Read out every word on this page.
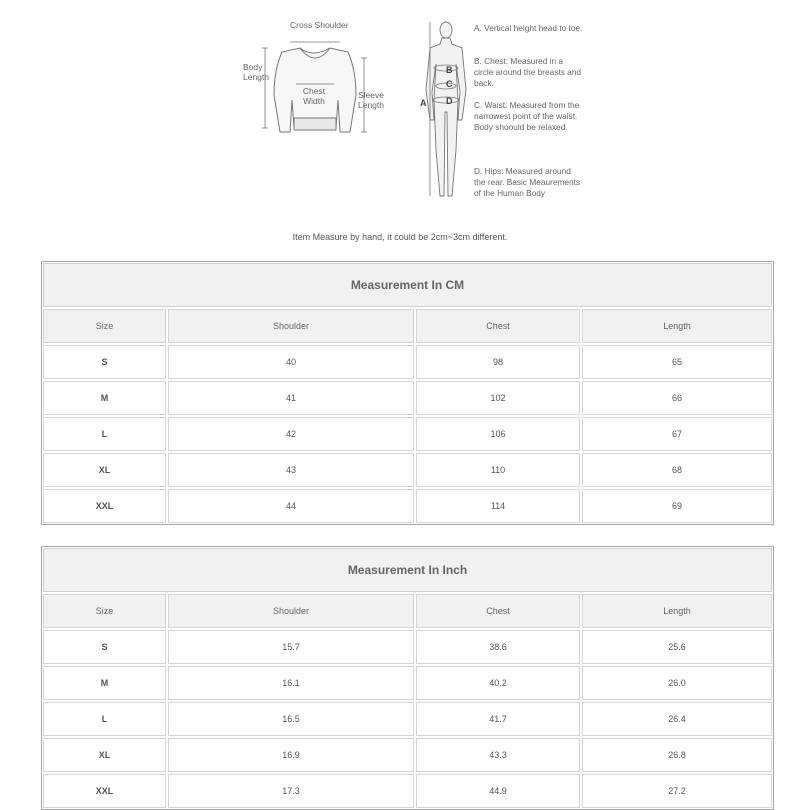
Cross Shoulder
Body Length
Chest Width
Sleeve Length	A
B
C
D
A. Vertical height head to toe.
B. Chest: Measured in a circle around the breasts and back.
C. Waist: Measured from the narrowest point of the waist. Body shoould be relaxed.
D. Hips: Measured around the rear. Basic Meaurements of the Human Body
Item Measure by hand, it could be 2cm~3cm different.
Measurement In CM
Size	Shoulder	Chest	Length
S	40	98	65
M	41	102	66
L	42	106	67
XL	43	110	68
XXL	44	114	69
Measurement In Inch
Size	Shoulder	Chest	Length
S	15.7	38.6	25.6
M	16.1	40.2	26.0
L	16.5	41.7	26.4
XL	16.9	43.3	26.8
XXL	17.3	44.9	27.2
